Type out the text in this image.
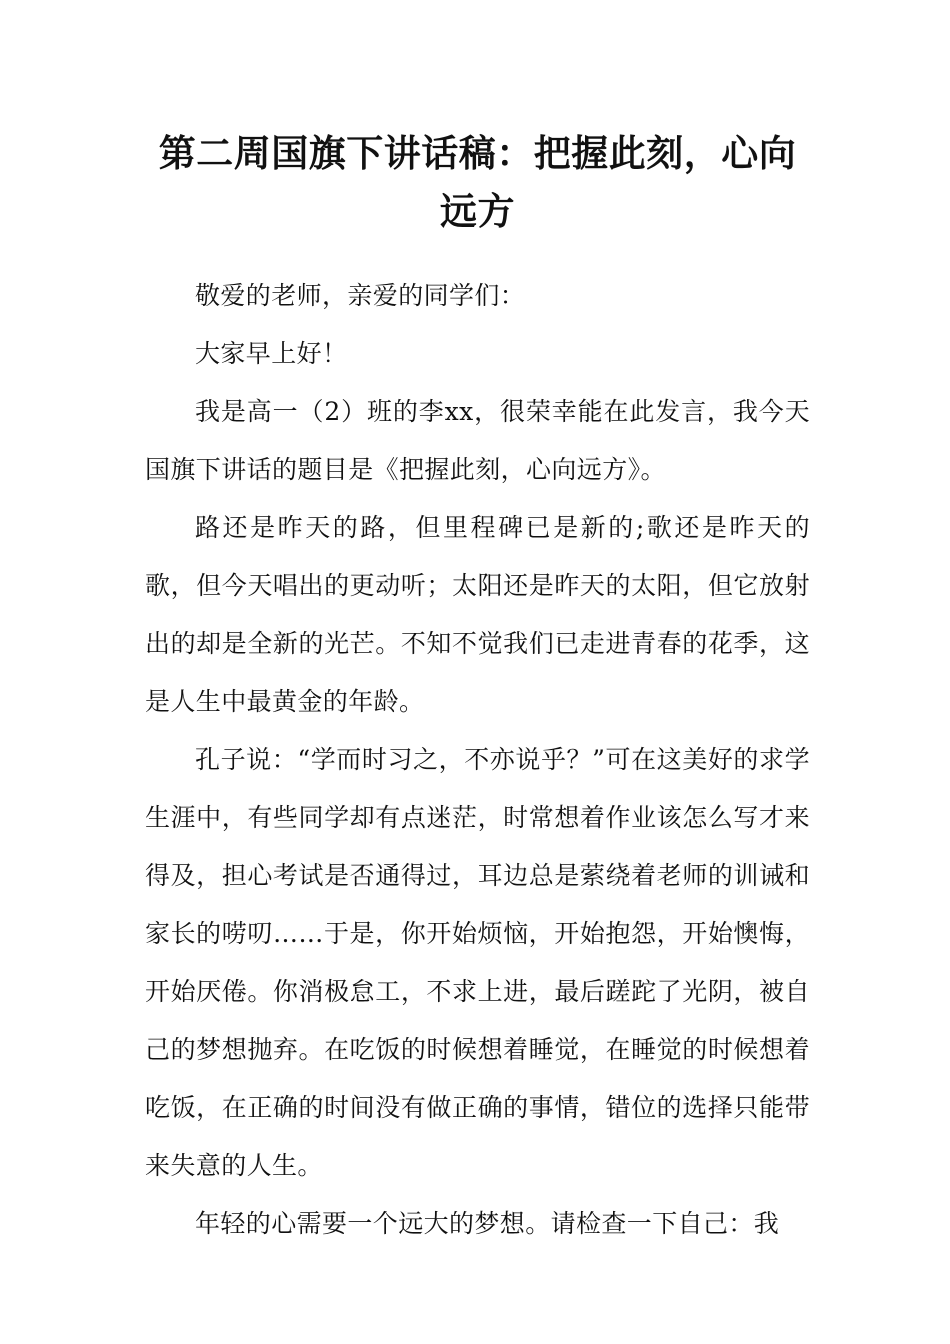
第二周国旗下讲话稿：把握此刻，心向远方

敬爱的老师，亲爱的同学们：

大家早上好！

我是高一（2）班的李xx，很荣幸能在此发言，我今天国旗下讲话的题目是《把握此刻，心向远方》。

路还是昨天的路，但里程碑已是新的;歌还是昨天的歌，但今天唱出的更动听；太阳还是昨天的太阳，但它放射出的却是全新的光芒。不知不觉我们已走进青春的花季，这是人生中最黄金的年龄。

孔子说：“学而时习之，不亦说乎？”可在这美好的求学生涯中，有些同学却有点迷茫，时常想着作业该怎么写才来得及，担心考试是否通得过，耳边总是萦绕着老师的训诫和家长的唠叨……于是，你开始烦恼，开始抱怨，开始懊悔，开始厌倦。你消极怠工，不求上进，最后蹉跎了光阴，被自己的梦想抛弃。在吃饭的时候想着睡觉，在睡觉的时候想着吃饭，在正确的时间没有做正确的事情，错位的选择只能带来失意的人生。

年轻的心需要一个远大的梦想。请检查一下自己：我
